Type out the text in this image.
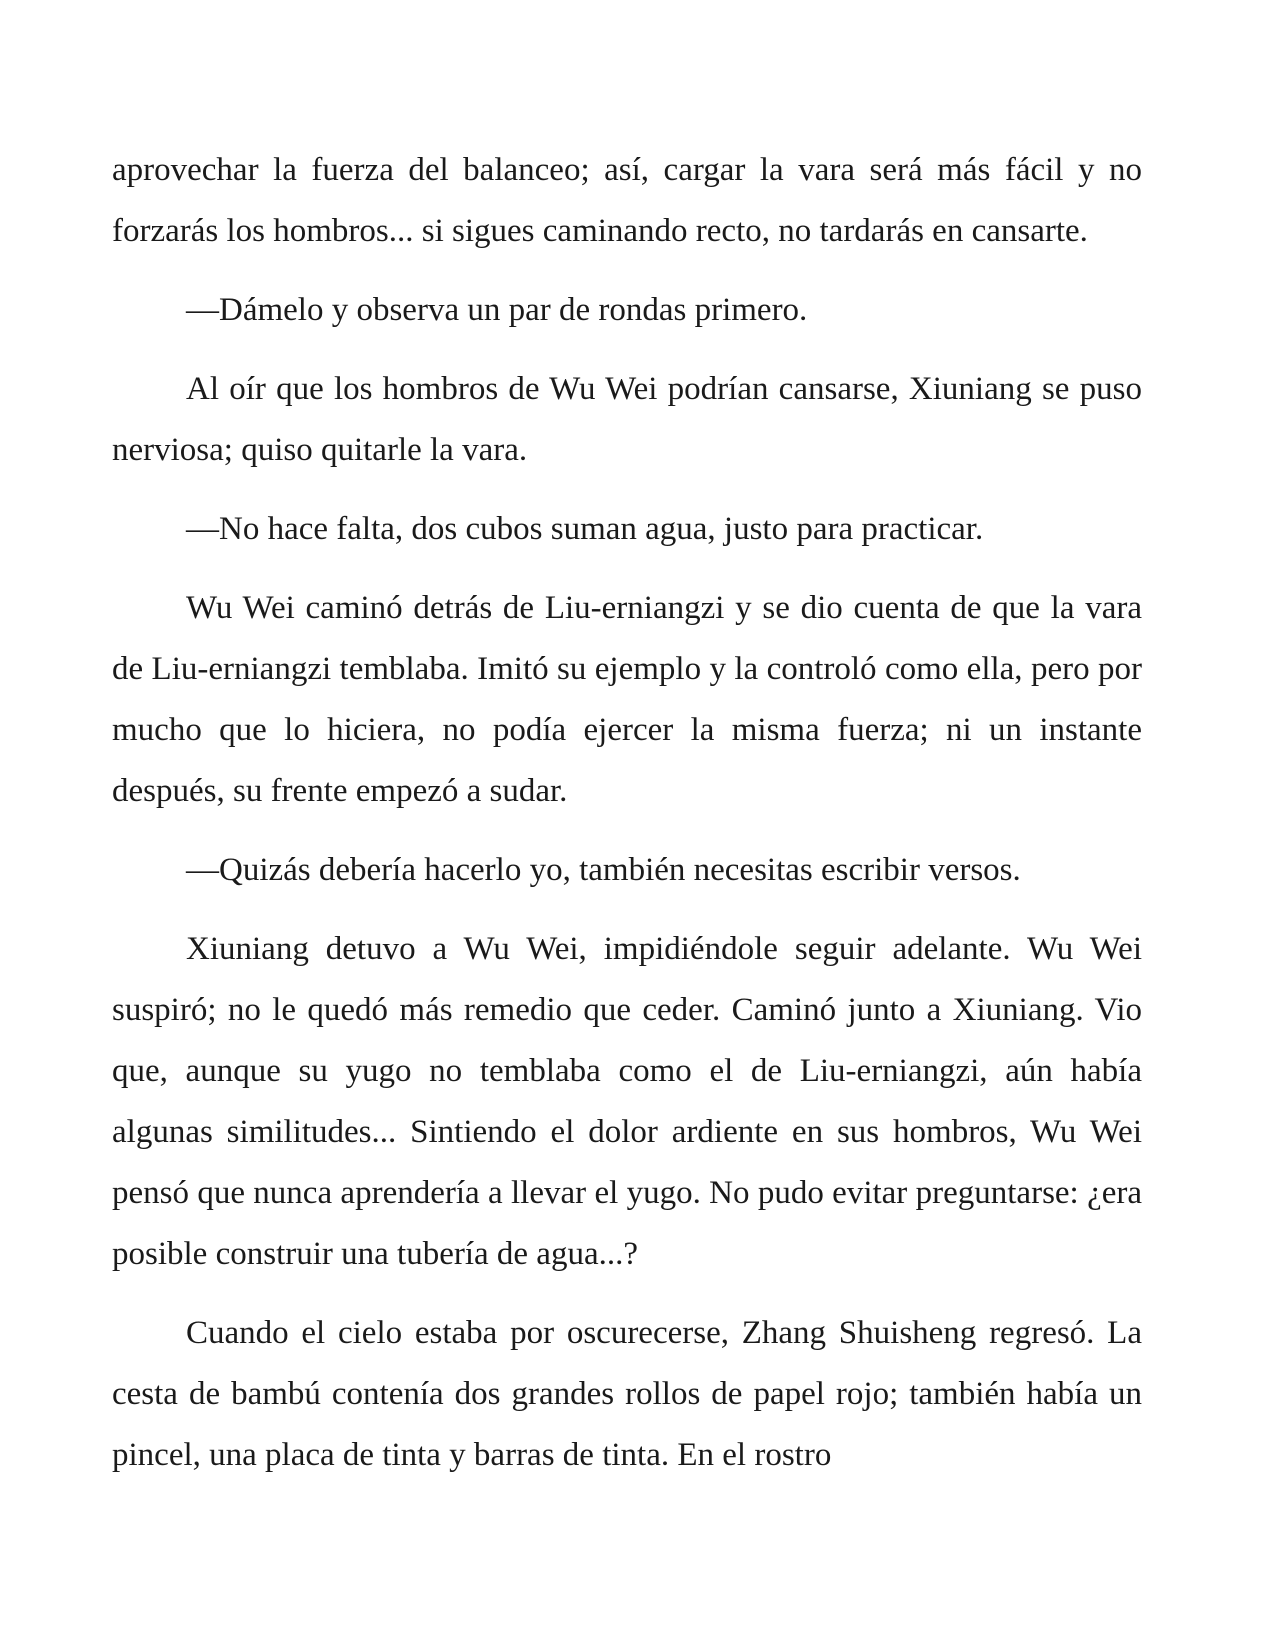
aprovechar la fuerza del balanceo; así, cargar la vara será más fácil y no forzarás los hombros... si sigues caminando recto, no tardarás en cansarte.

—Dámelo y observa un par de rondas primero.

Al oír que los hombros de Wu Wei podrían cansarse, Xiuniang se puso nerviosa; quiso quitarle la vara.

—No hace falta, dos cubos suman agua, justo para practicar.

Wu Wei caminó detrás de Liu-erniangzi y se dio cuenta de que la vara de Liu-erniangzi temblaba. Imitó su ejemplo y la controló como ella, pero por mucho que lo hiciera, no podía ejercer la misma fuerza; ni un instante después, su frente empezó a sudar.

—Quizás debería hacerlo yo, también necesitas escribir versos.

Xiuniang detuvo a Wu Wei, impidiéndole seguir adelante. Wu Wei suspiró; no le quedó más remedio que ceder. Caminó junto a Xiuniang. Vio que, aunque su yugo no temblaba como el de Liu-erniangzi, aún había algunas similitudes... Sintiendo el dolor ardiente en sus hombros, Wu Wei pensó que nunca aprendería a llevar el yugo. No pudo evitar preguntarse: ¿era posible construir una tubería de agua...?

Cuando el cielo estaba por oscurecerse, Zhang Shuisheng regresó. La cesta de bambú contenía dos grandes rollos de papel rojo; también había un pincel, una placa de tinta y barras de tinta. En el rostro
